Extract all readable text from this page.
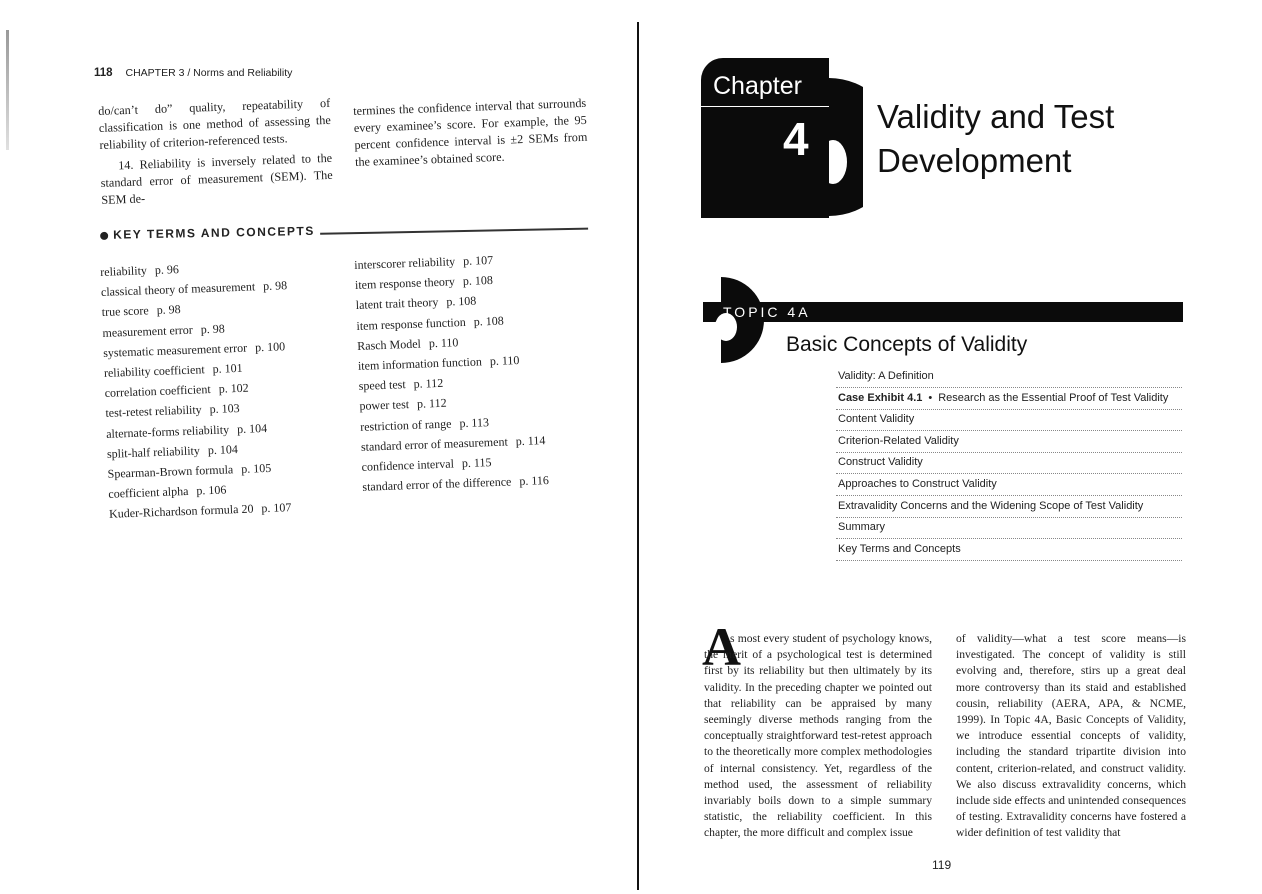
118 CHAPTER 3 / Norms and Reliability

do/can’t do” quality, repeatability of classification is one method of assessing the reliability of criterion-referenced tests.

14. Reliability is inversely related to the standard error of measurement (SEM). The SEM de-

termines the confidence interval that surrounds every examinee’s score. For example, the 95 percent confidence interval is ±2 SEMs from the examinee’s obtained score.

KEY TERMS AND CONCEPTS
reliability p. 96
classical theory of measurement p. 98
true score p. 98
measurement error p. 98
systematic measurement error p. 100
reliability coefficient p. 101
correlation coefficient p. 102
test-retest reliability p. 103
alternate-forms reliability p. 104
split-half reliability p. 104
Spearman-Brown formula p. 105
coefficient alpha p. 106
Kuder-Richardson formula 20 p. 107
interscorer reliability p. 107
item response theory p. 108
latent trait theory p. 108
item response function p. 108
Rasch Model p. 110
item information function p. 110
speed test p. 112
power test p. 112
restriction of range p. 113
standard error of measurement p. 114
confidence interval p. 115
standard error of the difference p. 116
Chapter
4 Validity and Test
Development
TOPIC 4A
Basic Concepts of Validity
Validity: A Definition
Case Exhibit 4.1 • Research as the Essential Proof of Test Validity
Content Validity
Criterion-Related Validity
Construct Validity
Approaches to Construct Validity
Extravalidity Concerns and the Widening Scope of Test Validity
Summary
Key Terms and Concepts
A
s most every student of psychology knows, the merit of a psychological test is determined first by its reliability but then ultimately by its validity. In the preceding chapter we pointed out that reliability can be appraised by many seemingly diverse methods ranging from the conceptually straightforward test-retest approach to the theoretically more complex methodologies of internal consistency. Yet, regardless of the method used, the assessment of reliability invariably boils down to a simple summary statistic, the reliability coefficient. In this chapter, the more difficult and complex issue
of validity—what a test score means—is investigated. The concept of validity is still evolving and, therefore, stirs up a great deal more controversy than its staid and established cousin, reliability (AERA, APA, & NCME, 1999). In Topic 4A, Basic Concepts of Validity, we introduce essential concepts of validity, including the standard tripartite division into content, criterion-related, and construct validity. We also discuss extravalidity concerns, which include side effects and unintended consequences of testing. Extravalidity concerns have fostered a wider definition of test validity that
119
